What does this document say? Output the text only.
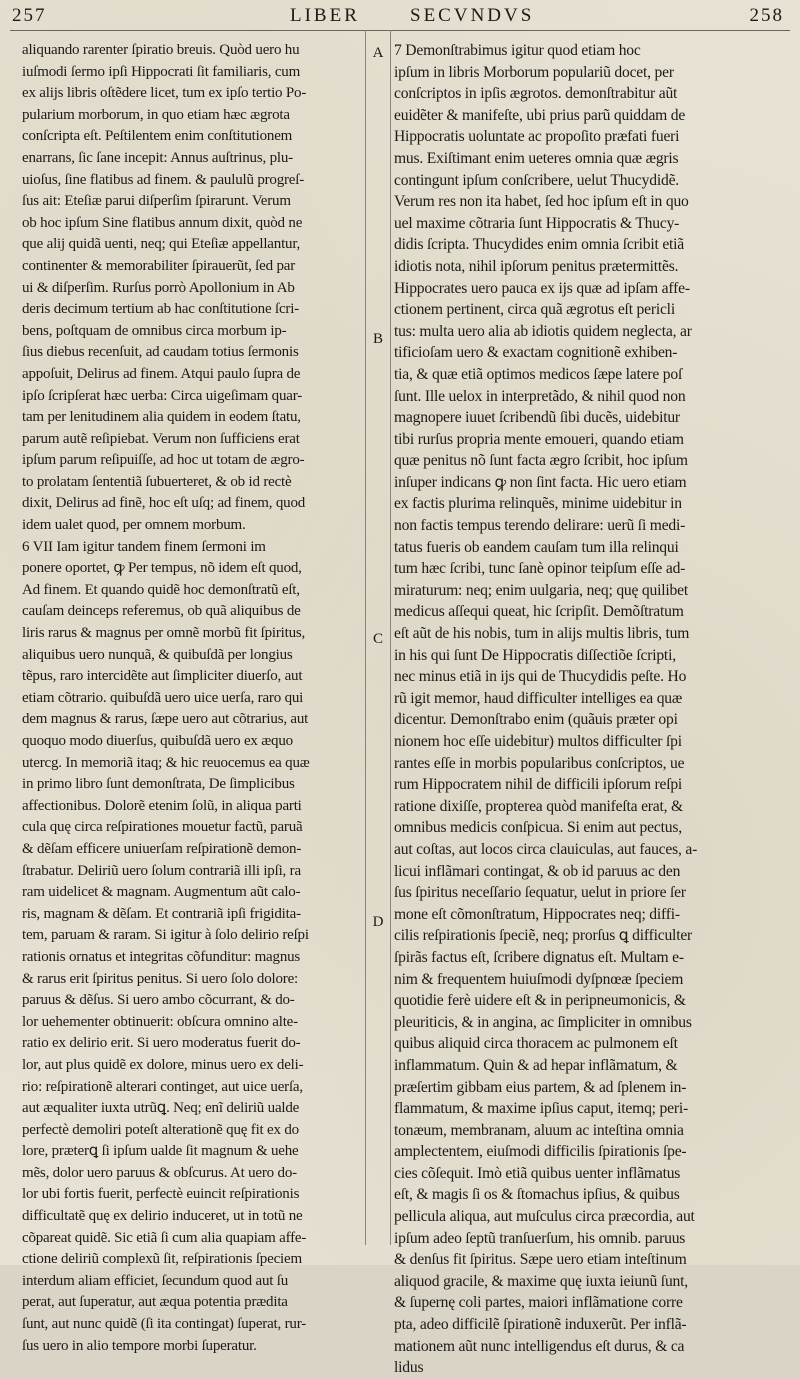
257	LIBER	SECVNDVS	258
A
B
C
D
aliquando rarenter ſpiratio breuis. Quòd uero hu
iuſmodi ſermo ipſi Hippocrati ſit familiaris, cum
ex alijs libris oſtẽdere licet, tum ex ipſo tertio Po-
pularium morborum, in quo etiam hæc ægrota
conſcripta eſt. Peſtilentem enim conſtitutionem
enarrans, ſic ſane incepit: Annus auſtrinus, plu-
uioſus, ſine flatibus ad finem. & paululũ progreſ-
ſus ait: Eteſiæ parui diſperſim ſpirarunt. Verum
ob hoc ipſum Sine flatibus annum dixit, quòd ne
que alij quidã uenti, neq; qui Eteſiæ appellantur,
continenter & memorabiliter ſpirauerũt, ſed par
ui & diſperſim. Rurſus porrò Apollonium in Ab
deris decimum tertium ab hac conſtitutione ſcri-
bens, poſtquam de omnibus circa morbum ip-
ſius diebus recenſuit, ad caudam totius ſermonis
appoſuit, Delirus ad finem. Atqui paulo ſupra de
ipſo ſcripſerat hæc uerba: Circa uigeſimam quar-
tam per lenitudinem alia quidem in eodem ſtatu,
parum autẽ reſipiebat. Verum non ſufficiens erat
ipſum parum reſipuiſſe, ad hoc ut totam de ægro-
to prolatam ſententiã ſubuerteret, & ob id rectè
dixit, Delirus ad finẽ, hoc eſt uſq; ad finem, quod
idem ualet quod, per omnem morbum.
6 VII Iam igitur tandem finem ſermoni im
ponere oportet, ꝙ Per tempus, nõ idem eſt quod,
Ad finem. Et quando quidẽ hoc demonſtratũ eſt,
cauſam deinceps referemus, ob quã aliquibus de
liris rarus & magnus per omnẽ morbũ fit ſpiritus,
aliquibus uero nunquã, & quibuſdã per longius
tẽpus, raro intercidẽte aut ſimpliciter diuerſo, aut
etiam cõtrario. quibuſdã uero uice uerſa, raro qui
dem magnus & rarus, ſæpe uero aut cõtrarius, aut
quoquo modo diuerſus, quibuſdã uero ex æquo
utercg. In memoriã itaq; & hic reuocemus ea quæ
in primo libro ſunt demonſtrata, De ſimplicibus
affectionibus. Dolorẽ etenim ſolũ, in aliqua parti
cula quę circa reſpirationes mouetur factũ, paruã
& dẽſam efficere uniuerſam reſpirationẽ demon-
ſtrabatur. Deliriũ uero ſolum contrariã illi ipſi, ra
ram uidelicet & magnam. Augmentum aũt calo-
ris, magnam & dẽſam. Et contrariã ipſi frigidita-
tem, paruam & raram. Si igitur à ſolo delirio reſpi
rationis ornatus et integritas cõfunditur: magnus
& rarus erit ſpiritus penitus. Si uero ſolo dolore:
paruus & dẽſus. Si uero ambo cõcurrant, & do-
lor uehementer obtinuerit: obſcura omnino alte-
ratio ex delirio erit. Si uero moderatus fuerit do-
lor, aut plus quidẽ ex dolore, minus uero ex deli-
rio: reſpirationẽ alterari continget, aut uice uerſa,
aut æqualiter iuxta utrũꝗ. Neq; enĩ deliriũ ualde
perfectè demoliri poteſt alterationẽ quę fit ex do
lore, præterꝗ ſi ipſum ualde ſit magnum & uehe
mẽs, dolor uero paruus & obſcurus. At uero do-
lor ubi fortis fuerit, perfectè euincit reſpirationis
difficultatẽ quę ex delirio induceret, ut in totũ ne
cõpareat quidẽ. Sic etiã ſi cum alia quapiam affe-
ctione deliriũ complexũ ſit, reſpirationis ſpeciem
interdum aliam efficiet, ſecundum quod aut ſu
perat, aut ſuperatur, aut æqua potentia prædita
ſunt, aut nunc quidẽ (ſi ita contingat) ſuperat, rur-
ſus uero in alio tempore morbi ſuperatur.
7 Demonſtrabimus igitur quod etiam hoc
ipſum in libris Morborum populariũ docet, per
conſcriptos in ipſis ægrotos. demonſtrabitur aũt
euidẽter & manifeſte, ubi prius parũ quiddam de
Hippocratis uoluntate ac propoſito præfati fueri
mus. Exiſtimant enim ueteres omnia quæ ægris
contingunt ipſum conſcribere, uelut Thucydidẽ.
Verum res non ita habet, ſed hoc ipſum eſt in quo
uel maxime cõtraria ſunt Hippocratis & Thucy-
didis ſcripta. Thucydides enim omnia ſcribit etiã
idiotis nota, nihil ipſorum penitus prætermittẽs.
Hippocrates uero pauca ex ijs quæ ad ipſam affe-
ctionem pertinent, circa quã ægrotus eſt pericli
tus: multa uero alia ab idiotis quidem neglecta, ar
tificioſam uero & exactam cognitionẽ exhiben-
tia, & quæ etiã optimos medicos ſæpe latere poſ
ſunt. Ille uelox in interpretãdo, & nihil quod non
magnopere iuuet ſcribendũ ſibi ducẽs, uidebitur
tibi rurſus propria mente emoueri, quando etiam
quæ penitus nõ ſunt facta ægro ſcribit, hoc ipſum
inſuper indicans ꝙ non ſint facta. Hic uero etiam
ex factis plurima relinquẽs, minime uidebitur in
non factis tempus terendo delirare: uerũ ſi medi-
tatus fueris ob eandem cauſam tum illa relinqui
tum hæc ſcribi, tunc ſanè opinor teipſum eſſe ad-
miraturum: neq; enim uulgaria, neq; quę quilibet
medicus aſſequi queat, hic ſcripſit. Demõſtratum
eſt aũt de his nobis, tum in alijs multis libris, tum
in his qui ſunt De Hippocratis diſſectiõe ſcripti,
nec minus etiã in ijs qui de Thucydidis peſte. Ho
rũ igit memor, haud difficulter intelliges ea quæ
dicentur. Demonſtrabo enim (quãuis præter opi
nionem hoc eſſe uidebitur) multos difficulter ſpi
rantes eſſe in morbis popularibus conſcriptos, ue
rum Hippocratem nihil de difficili ipſorum reſpi
ratione dixiſſe, propterea quòd manifeſta erat, &
omnibus medicis conſpicua. Si enim aut pectus,
aut coſtas, aut locos circa clauiculas, aut fauces, a-
licui inflãmari contingat, & ob id paruus ac den
ſus ſpiritus neceſſario ſequatur, uelut in priore ſer
mone eſt cõmonſtratum, Hippocrates neq; diffi-
cilis reſpirationis ſpeciẽ, neq; prorſus ꝗ difficulter
ſpirãs factus eſt, ſcribere dignatus eſt. Multam e-
nim & frequentem huiuſmodi dyſpnœæ ſpeciem
quotidie ferè uidere eſt & in peripneumonicis, &
pleuriticis, & in angina, ac ſimpliciter in omnibus
quibus aliquid circa thoracem ac pulmonem eſt
inflammatum. Quin & ad hepar inflãmatum, &
præſertim gibbam eius partem, & ad ſplenem in-
flammatum, & maxime ipſius caput, itemq; peri-
tonæum, membranam, aluum ac inteſtina omnia
amplectentem, eiuſmodi difficilis ſpirationis ſpe-
cies cõſequit. Imò etiã quibus uenter inflãmatus
eſt, & magis ſi os & ſtomachus ipſius, & quibus
pellicula aliqua, aut muſculus circa præcordia, aut
ipſum adeo ſeptũ tranſuerſum, his omnib. paruus
& denſus fit ſpiritus. Sæpe uero etiam inteſtinum
aliquod gracile, & maxime quę iuxta ieiunũ ſunt,
& ſupernę coli partes, maiori inflãmatione corre
pta, adeo difficilẽ ſpirationẽ induxerũt. Per inflã-
mationem aũt nunc intelligendus eſt durus, & ca
lidus
